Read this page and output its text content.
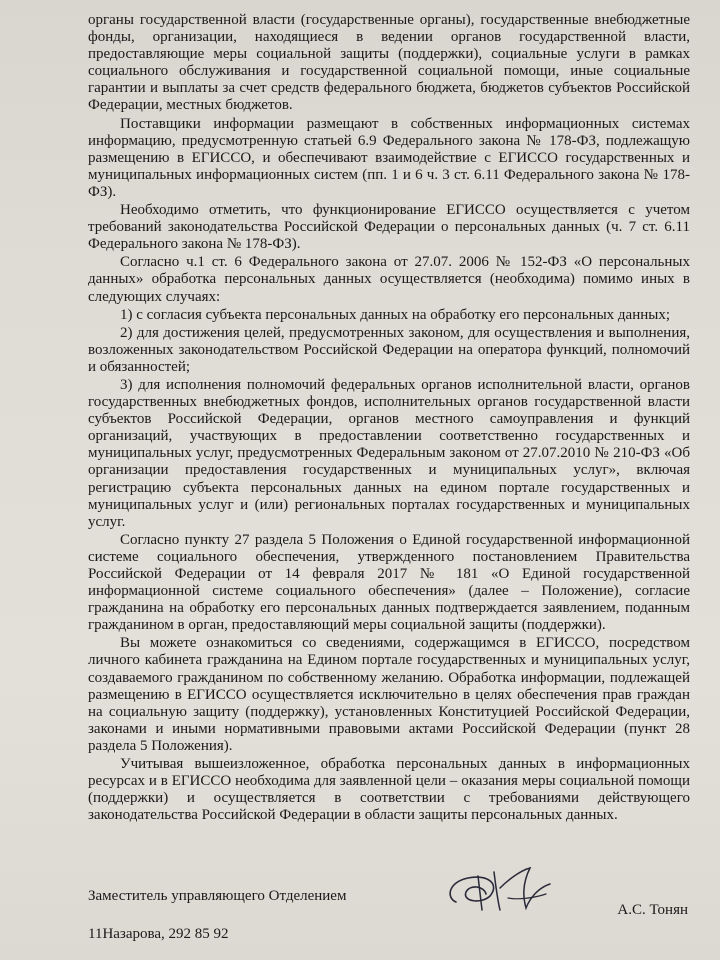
органы государственной власти (государственные органы), государственные внебюджетные фонды, организации, находящиеся в ведении органов государственной власти, предоставляющие меры социальной защиты (поддержки), социальные услуги в рамках социального обслуживания и государственной социальной помощи, иные социальные гарантии и выплаты за счет средств федерального бюджета, бюджетов субъектов Российской Федерации, местных бюджетов.

Поставщики информации размещают в собственных информационных системах информацию, предусмотренную статьей 6.9 Федерального закона № 178-ФЗ, подлежащую размещению в ЕГИССО, и обеспечивают взаимодействие с ЕГИССО государственных и муниципальных информационных систем (пп. 1 и 6 ч. 3 ст. 6.11 Федерального закона № 178-ФЗ).

Необходимо отметить, что функционирование ЕГИССО осуществляется с учетом требований законодательства Российской Федерации о персональных данных (ч. 7 ст. 6.11 Федерального закона № 178-ФЗ).

Согласно ч.1 ст. 6 Федерального закона от 27.07. 2006 № 152-ФЗ «О персональных данных» обработка персональных данных осуществляется (необходима) помимо иных в следующих случаях:

1) с согласия субъекта персональных данных на обработку его персональных данных;

2) для достижения целей, предусмотренных законом, для осуществления и выполнения, возложенных законодательством Российской Федерации на оператора функций, полномочий и обязанностей;

3) для исполнения полномочий федеральных органов исполнительной власти, органов государственных внебюджетных фондов, исполнительных органов государственной власти субъектов Российской Федерации, органов местного самоуправления и функций организаций, участвующих в предоставлении соответственно государственных и муниципальных услуг, предусмотренных Федеральным законом от 27.07.2010 № 210-ФЗ «Об организации предоставления государственных и муниципальных услуг», включая регистрацию субъекта персональных данных на едином портале государственных и муниципальных услуг и (или) региональных порталах государственных и муниципальных услуг.

Согласно пункту 27 раздела 5 Положения о Единой государственной информационной системе социального обеспечения, утвержденного постановлением Правительства Российской Федерации от 14 февраля 2017 № 181 «О Единой государственной информационной системе социального обеспечения» (далее – Положение), согласие гражданина на обработку его персональных данных подтверждается заявлением, поданным гражданином в орган, предоставляющий меры социальной защиты (поддержки).

Вы можете ознакомиться со сведениями, содержащимся в ЕГИССО, посредством личного кабинета гражданина на Едином портале государственных и муниципальных услуг, создаваемого гражданином по собственному желанию. Обработка информации, подлежащей размещению в ЕГИССО осуществляется исключительно в целях обеспечения прав граждан на социальную защиту (поддержку), установленных Конституцией Российской Федерации, законами и иными нормативными правовыми актами Российской Федерации (пункт 28 раздела 5 Положения).

Учитывая вышеизложенное, обработка персональных данных в информационных ресурсах и в ЕГИССО необходима для заявленной цели – оказания меры социальной помощи (поддержки) и осуществляется в соответствии с требованиями действующего законодательства Российской Федерации в области защиты персональных данных.

Заместитель управляющего Отделением
А.С. Тонян
11Назарова, 292 85 92
